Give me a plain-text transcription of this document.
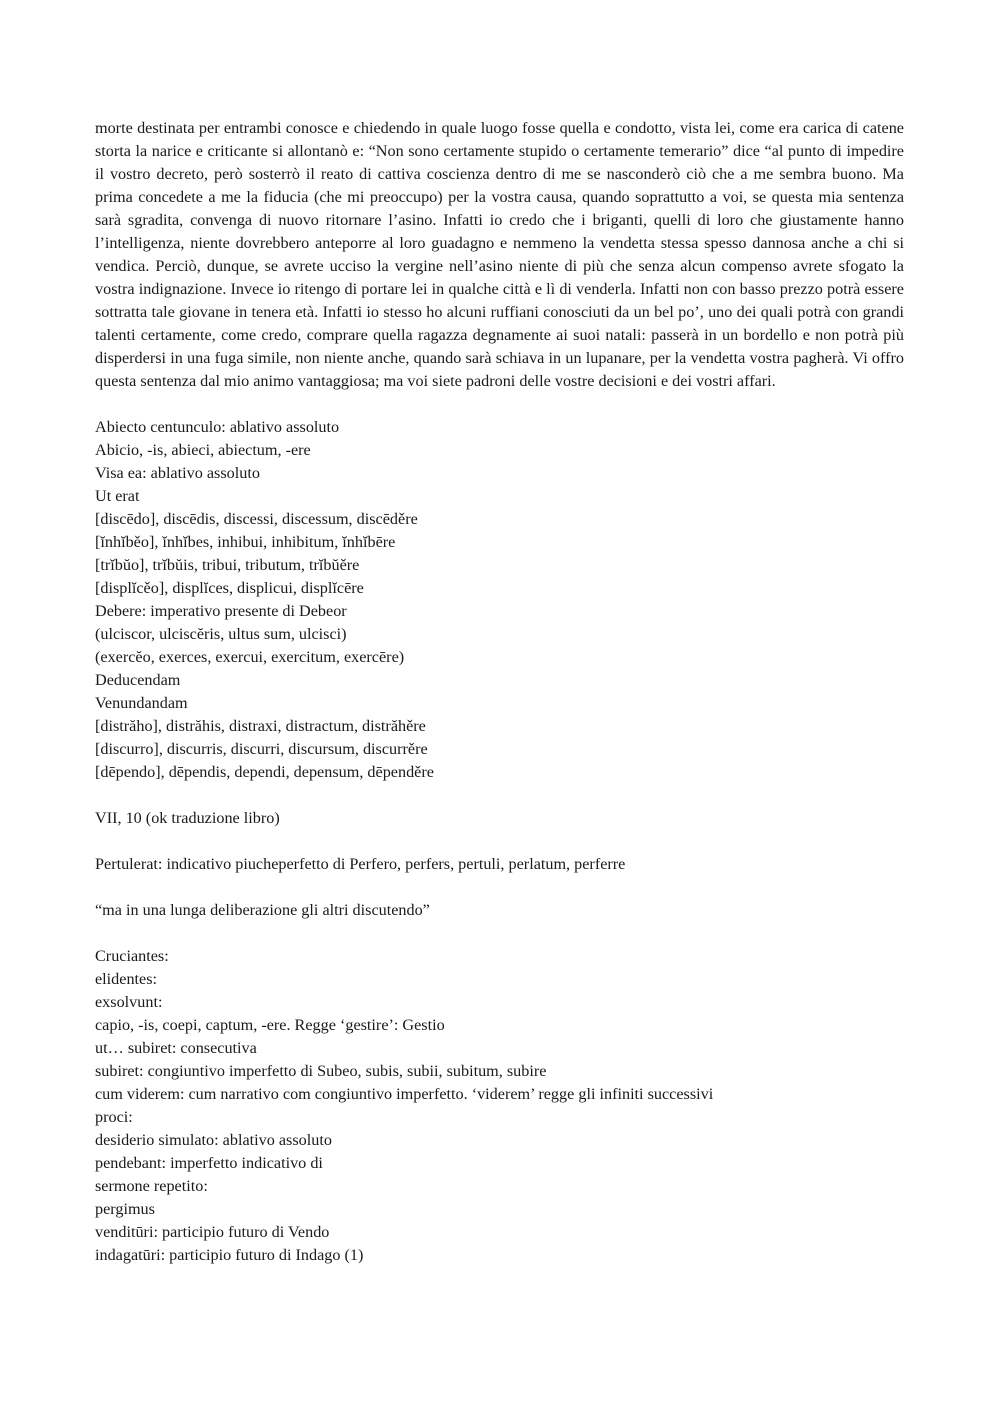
morte destinata per entrambi conosce e chiedendo in quale luogo fosse quella e condotto, vista lei, come era carica di catene storta la narice e criticante si allontanò e: “Non sono certamente stupido o certamente temerario” dice “al punto di impedire il vostro decreto, però sosterrò il reato di cattiva coscienza dentro di me se nasconderò ciò che a me sembra buono. Ma prima concedete a me la fiducia (che mi preoccupo) per la vostra causa, quando soprattutto a voi, se questa mia sentenza sarà sgradita, convenga di nuovo ritornare l’asino. Infatti io credo che i briganti, quelli di loro che giustamente hanno l’intelligenza, niente dovrebbero anteporre al loro guadagno e nemmeno la vendetta stessa spesso dannosa anche a chi si vendica. Perciò, dunque, se avrete ucciso la vergine nell’asino niente di più che senza alcun compenso avrete sfogato la vostra indignazione. Invece io ritengo di portare lei in qualche città e lì di venderla. Infatti non con basso prezzo potrà essere sottratta tale giovane in tenera età. Infatti io stesso ho alcuni ruffiani conosciuti da un bel po’, uno dei quali potrà con grandi talenti certamente, come credo, comprare quella ragazza degnamente ai suoi natali: passerà in un bordello e non potrà più disperdersi in una fuga simile, non niente anche, quando sarà schiava in un lupanare, per la vendetta vostra pagherà. Vi offro questa sentenza dal mio animo vantaggiosa; ma voi siete padroni delle vostre decisioni e dei vostri affari.

Abiecto centunculo: ablativo assoluto
Abicio, -is, abieci, abiectum, -ere
Visa ea: ablativo assoluto
Ut erat
[discēdo], discēdis, discessi, discessum, discēděre
[ĭnhĭběo], ĭnhĭbes, inhibui, inhibitum, ĭnhĭbēre
[trĭbŭo], trĭbŭis, tribui, tributum, trĭbŭěre
[displĭcěo], displĭces, displicui, displĭcēre
Debere: imperativo presente di Debeor
(ulciscor, ulciscĕris, ultus sum, ulcisci)
(exercĕo, exerces, exercui, exercitum, exercēre)
Deducendam
Venundandam
[distrăho], distrăhis, distraxi, distractum, distrăhěre
[discurro], discurris, discurri, discursum, discurrěre
[dēpendo], dēpendis, dependi, depensum, dēpenděre
VII, 10 (ok traduzione libro)
Pertulerat: indicativo piucheperfetto di Perfero, perfers, pertuli, perlatum, perferre
“ma in una lunga deliberazione gli altri discutendo”
Cruciantes:
elidentes:
exsolvunt:
capio, -is, coepi, captum, -ere. Regge ‘gestire’: Gestio
ut… subiret: consecutiva
subiret: congiuntivo imperfetto di Subeo, subis, subii, subitum, subire
cum viderem: cum narrativo com congiuntivo imperfetto. ‘viderem’ regge gli infiniti successivi
proci:
desiderio simulato: ablativo assoluto
pendebant: imperfetto indicativo di
sermone repetito:
pergimus
venditūri: participio futuro di Vendo
indagatūri: participio futuro di Indago (1)
